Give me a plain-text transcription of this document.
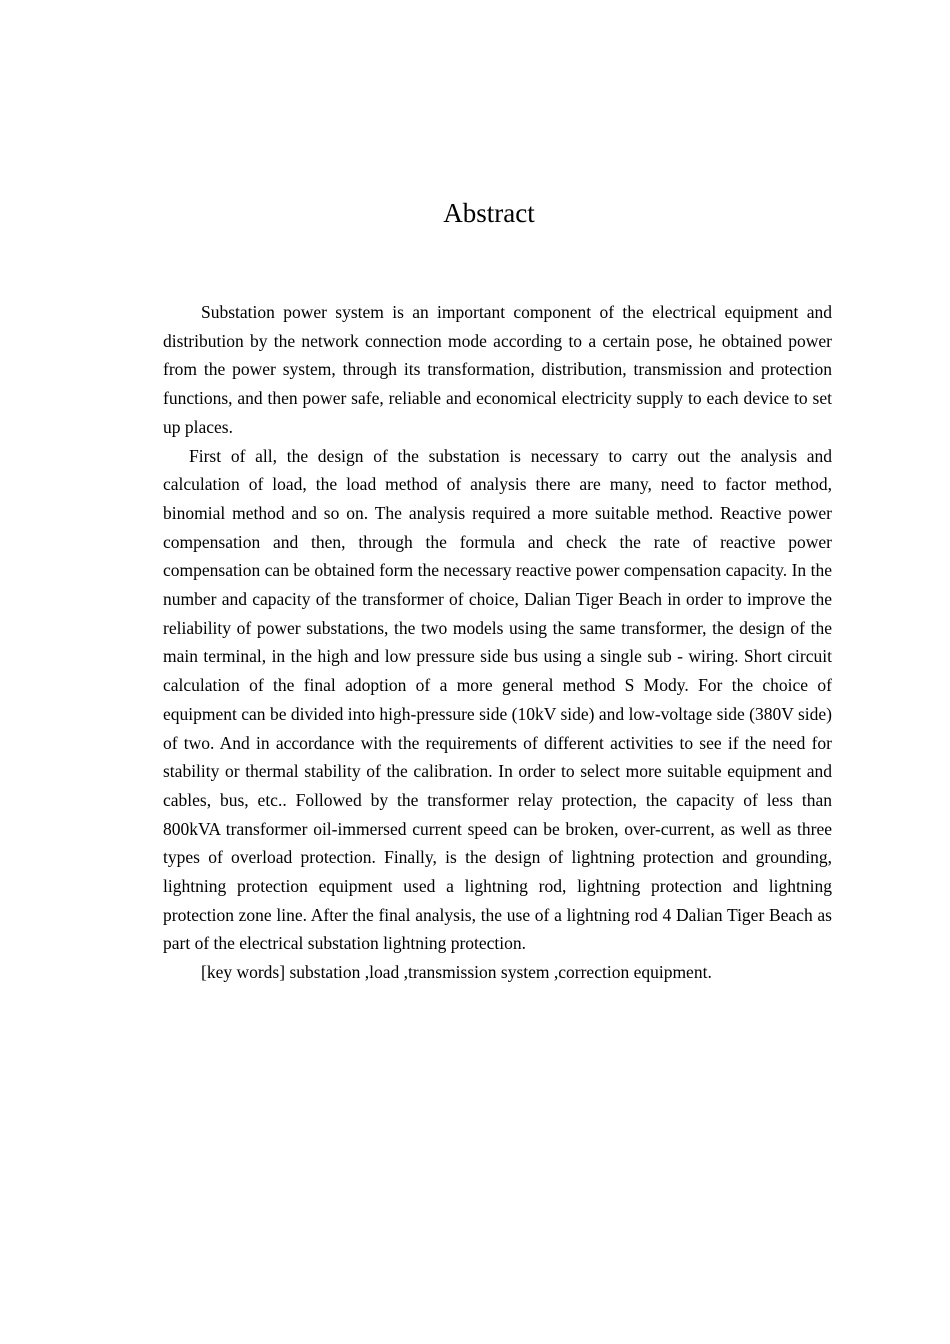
Abstract

Substation power system is an important component of the electrical equipment and distribution by the network connection mode according to a certain pose, he obtained power from the power system, through its transformation, distribution, transmission and protection functions, and then power safe, reliable and economical electricity supply to each device to set up places.

First of all, the design of the substation is necessary to carry out the analysis and calculation of load, the load method of analysis there are many, need to factor method, binomial method and so on. The analysis required a more suitable method. Reactive power compensation and then, through the formula and check the rate of reactive power compensation can be obtained form the necessary reactive power compensation capacity. In the number and capacity of the transformer of choice, Dalian Tiger Beach in order to improve the reliability of power substations, the two models using the same transformer, the design of the main terminal, in the high and low pressure side bus using a single sub - wiring. Short circuit calculation of the final adoption of a more general method S Mody. For the choice of equipment can be divided into high-pressure side (10kV side) and low-voltage side (380V side) of two. And in accordance with the requirements of different activities to see if the need for stability or thermal stability of the calibration. In order to select more suitable equipment and cables, bus, etc.. Followed by the transformer relay protection, the capacity of less than 800kVA transformer oil-immersed current speed can be broken, over-current, as well as three types of overload protection. Finally, is the design of lightning protection and grounding, lightning protection equipment used a lightning rod, lightning protection and lightning protection zone line. After the final analysis, the use of a lightning rod 4 Dalian Tiger Beach as part of the electrical substation lightning protection.

[key words] substation ,load ,transmission system ,correction equipment.
